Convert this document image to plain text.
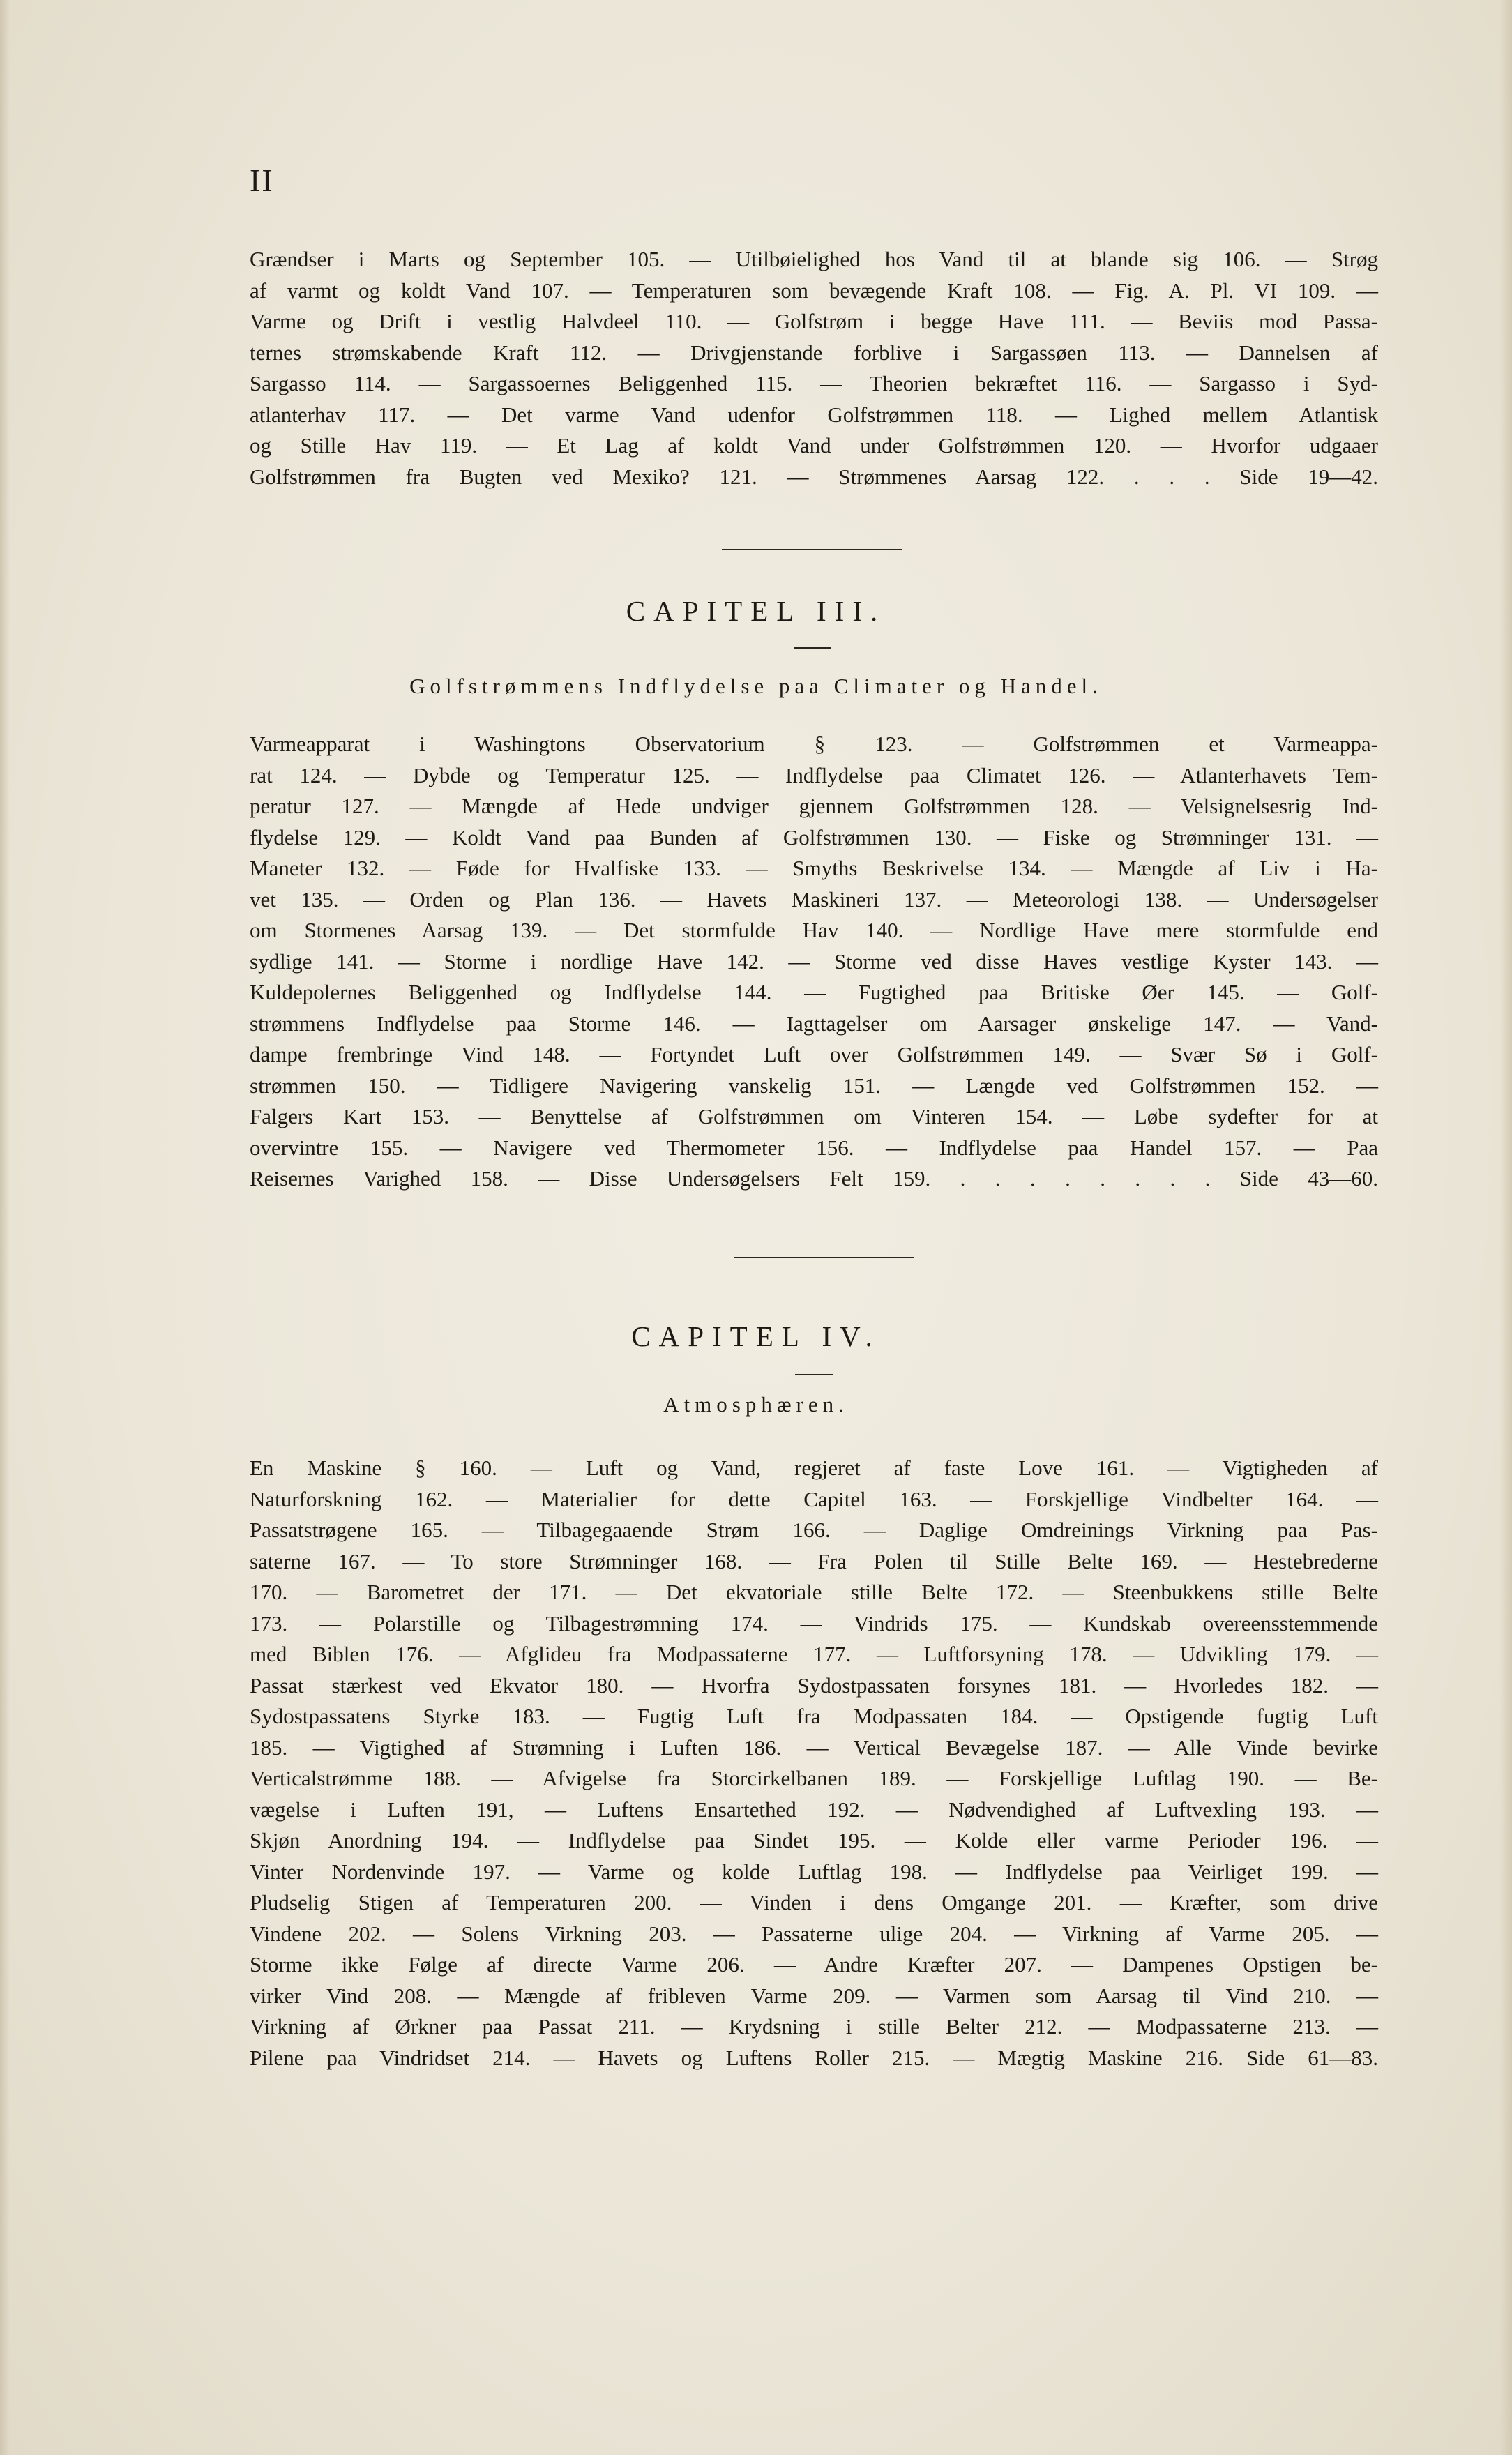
II
Grændser i Marts og September 105. — Utilbøielighed hos Vand til at blande sig 106. — Strøg
af varmt og koldt Vand 107. — Temperaturen som bevægende Kraft 108. — Fig. A. Pl. VI 109. —
Varme og Drift i vestlig Halvdeel 110. — Golfstrøm i begge Have 111. — Beviis mod Passa-
ternes strømskabende Kraft 112. — Drivgjenstande forblive i Sargassøen 113. — Dannelsen af
Sargasso 114. — Sargassoernes Beliggenhed 115. — Theorien bekræftet 116. — Sargasso i Syd-
atlanterhav 117. — Det varme Vand udenfor Golfstrømmen 118. — Lighed mellem Atlantisk
og Stille Hav 119. — Et Lag af koldt Vand under Golfstrømmen 120. — Hvorfor udgaaer
Golfstrømmen fra Bugten ved Mexiko? 121. — Strømmenes Aarsag 122. . . . Side 19—42.
CAPITEL III.
Golfstrømmens Indflydelse paa Climater og Handel.
Varmeapparat i Washingtons Observatorium § 123. — Golfstrømmen et Varmeappa-
rat 124. — Dybde og Temperatur 125. — Indflydelse paa Climatet 126. — Atlanterhavets Tem-
peratur 127. — Mængde af Hede undviger gjennem Golfstrømmen 128. — Velsignelsesrig Ind-
flydelse 129. — Koldt Vand paa Bunden af Golfstrømmen 130. — Fiske og Strømninger 131. —
Maneter 132. — Føde for Hvalfiske 133. — Smyths Beskrivelse 134. — Mængde af Liv i Ha-
vet 135. — Orden og Plan 136. — Havets Maskineri 137. — Meteorologi 138. — Undersøgelser
om Stormenes Aarsag 139. — Det stormfulde Hav 140. — Nordlige Have mere stormfulde end
sydlige 141. — Storme i nordlige Have 142. — Storme ved disse Haves vestlige Kyster 143. —
Kuldepolernes Beliggenhed og Indflydelse 144. — Fugtighed paa Britiske Øer 145. — Golf-
strømmens Indflydelse paa Storme 146. — Iagttagelser om Aarsager ønskelige 147. — Vand-
dampe frembringe Vind 148. — Fortyndet Luft over Golfstrømmen 149. — Svær Sø i Golf-
strømmen 150. — Tidligere Navigering vanskelig 151. — Længde ved Golfstrømmen 152. —
Falgers Kart 153. — Benyttelse af Golfstrømmen om Vinteren 154. — Løbe sydefter for at
overvintre 155. — Navigere ved Thermometer 156. — Indflydelse paa Handel 157. — Paa
Reisernes Varighed 158. — Disse Undersøgelsers Felt 159. . . . . . . . . Side 43—60.
CAPITEL IV.
Atmosphæren.
En Maskine § 160. — Luft og Vand, regjeret af faste Love 161. — Vigtigheden af
Naturforskning 162. — Materialier for dette Capitel 163. — Forskjellige Vindbelter 164. —
Passatstrøgene 165. — Tilbagegaaende Strøm 166. — Daglige Omdreinings Virkning paa Pas-
saterne 167. — To store Strømninger 168. — Fra Polen til Stille Belte 169. — Hestebrederne
170. — Barometret der 171. — Det ekvatoriale stille Belte 172. — Steenbukkens stille Belte
173. — Polarstille og Tilbagestrømning 174. — Vindrids 175. — Kundskab overeensstemmende
med Biblen 176. — Afglideu fra Modpassaterne 177. — Luftforsyning 178. — Udvikling 179. —
Passat stærkest ved Ekvator 180. — Hvorfra Sydostpassaten forsynes 181. — Hvorledes 182. —
Sydostpassatens Styrke 183. — Fugtig Luft fra Modpassaten 184. — Opstigende fugtig Luft
185. — Vigtighed af Strømning i Luften 186. — Vertical Bevægelse 187. — Alle Vinde bevirke
Verticalstrømme 188. — Afvigelse fra Storcirkelbanen 189. — Forskjellige Luftlag 190. — Be-
vægelse i Luften 191, — Luftens Ensartethed 192. — Nødvendighed af Luftvexling 193. —
Skjøn Anordning 194. — Indflydelse paa Sindet 195. — Kolde eller varme Perioder 196. —
Vinter Nordenvinde 197. — Varme og kolde Luftlag 198. — Indflydelse paa Veirliget 199. —
Pludselig Stigen af Temperaturen 200. — Vinden i dens Omgange 201. — Kræfter, som drive
Vindene 202. — Solens Virkning 203. — Passaterne ulige 204. — Virkning af Varme 205. —
Storme ikke Følge af directe Varme 206. — Andre Kræfter 207. — Dampenes Opstigen be-
virker Vind 208. — Mængde af fribleven Varme 209. — Varmen som Aarsag til Vind 210. —
Virkning af Ørkner paa Passat 211. — Krydsning i stille Belter 212. — Modpassaterne 213. —
Pilene paa Vindridset 214. — Havets og Luftens Roller 215. — Mægtig Maskine 216. Side 61—83.
